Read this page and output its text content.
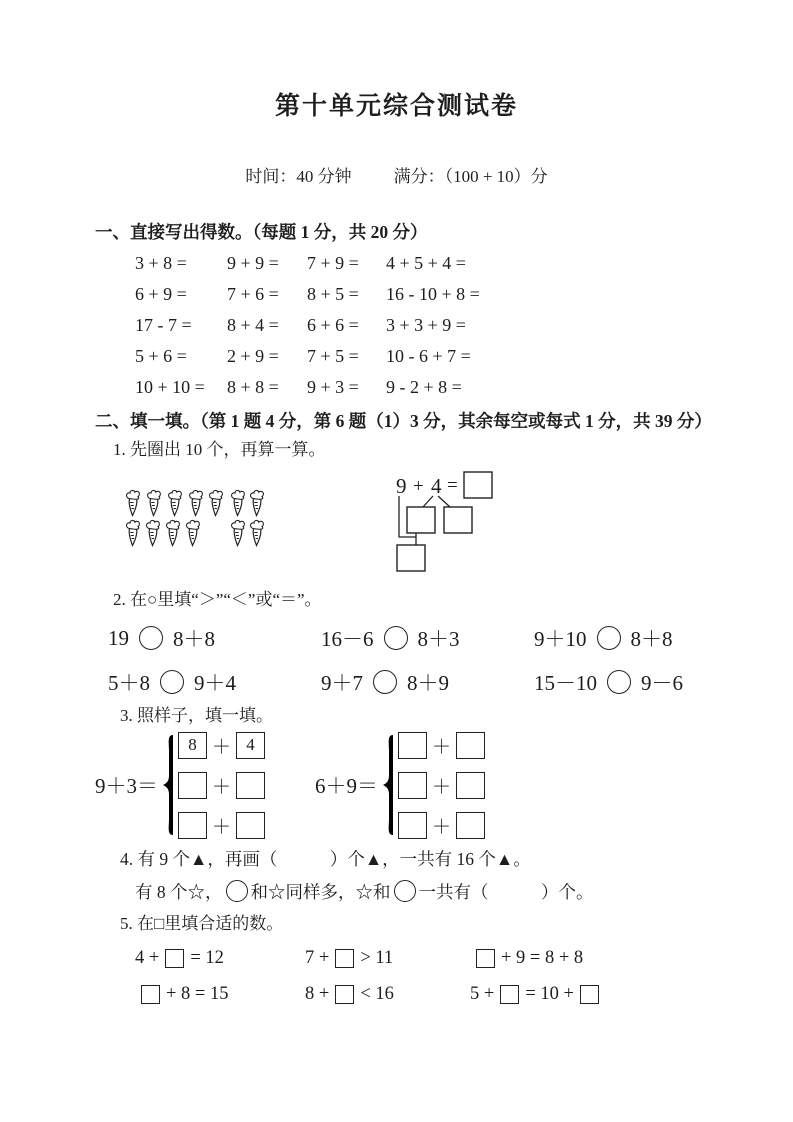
第十单元综合测试卷
时间：40 分钟 满分：（100 + 10）分
一、直接写出得数。（每题 1 分，共 20 分）
3 + 8 =	9 + 9 =	7 + 9 =	4 + 5 + 4 =
6 + 9 =	7 + 6 =	8 + 5 =	16 - 10 + 8 =
17 - 7 =	8 + 4 =	6 + 6 =	3 + 3 + 9 =
5 + 6 =	2 + 9 =	7 + 5 =	10 - 6 + 7 =
10 + 10 =	8 + 8 =	9 + 3 =	9 - 2 + 8 =
二、填一填。（第 1 题 4 分，第 6 题（1）3 分，其余每空或每式 1 分，共 39 分）
1. 先圈出 10 个，再算一算。
9 + 4 =
2. 在○里填“＞”“＜”或“＝”。
19 8＋8	16－6 8＋3	9＋10 8＋8
5＋8 9＋4	9＋7 8＋9	15－10 9－6
3. 照样子，填一填。
9＋3＝
8 ＋ 4
＋
＋
6＋9＝
＋
＋
＋
4. 有 9 个▲，再画（　　　）个▲，一共有 16 个▲。
有 8 个☆， 和☆同样多，☆和 一共有（　　　）个。
5. 在□里填合适的数。
4 + = 12	7 + > 11	+ 9 = 8 + 8
+ 8 = 15	8 + < 16	5 + = 10 +
